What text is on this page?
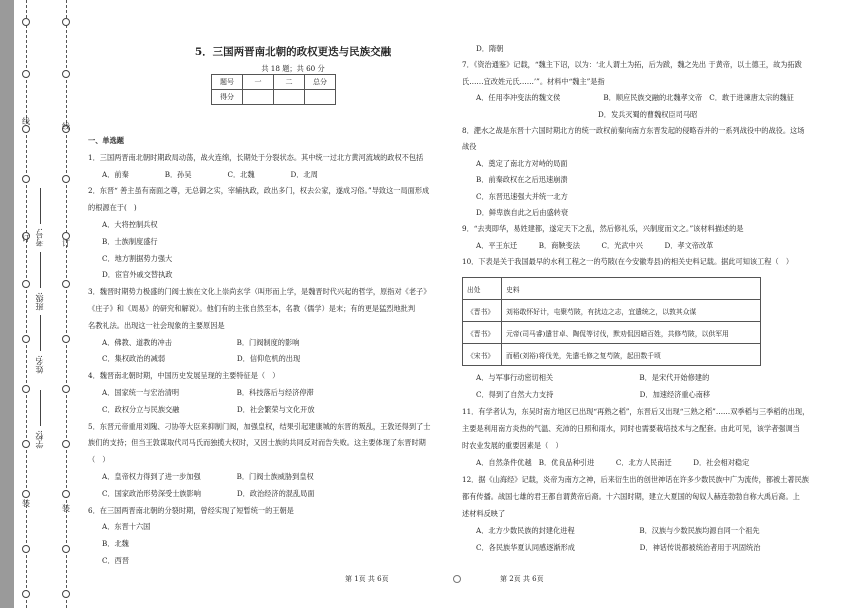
装
订
线
装
订
线
学校:
姓名:
班级:
考号:
5．三国两晋南北朝的政权更迭与民族交融
共 18 题；共 60 分
题号	一	二	总分
得分			
一、单选题
1．三国两晋南北朝时期政局动荡，战火连绵，长期处于分裂状态。其中统一过北方黄河流域的政权不包括
A．前秦　　　　　B．孙吴　　　　　C．北魏　　　　　D．北周
2．东晋“ 善主虽有南面之尊，无总御之实，宰辅执政，政出多门，权去公家，遂成习俗。”导致这一局面形成
的根源在于(　)
A．大将控制兵权
B．士族制度盛行
C．地方割据势力强大
D．宦官外戚交替执政
3．魏晋时期势力极盛的门阀士族在文化上崇尚玄学（叫形而上学，是魏晋时代兴起的哲学，原指对《老子》
《庄子》和《周易》的研究和解说）。他们有的主张自然至本，名教（儒学）是末；有的更是猛烈地批判
名教礼法。出现这一社会现象的主要原因是
A．佛教、道教的冲击　　　　　　　　　B．门阀制度的影响
C．集权政治的减弱　　　　　　　　　　D．信仰危机的出现
4．魏晋南北朝时期，中国历史发展呈现的主要特征是（　）
A．国家统一与宏治清明　　　　　　　　B．科技落后与经济停滞
C．政权分立与民族交融　　　　　　　　D．社会繁荣与文化开放
5．东晋元帝重用刘隗、刁协等大臣来抑制门阀，加强皇权，结果引起建康城的东晋的叛乱，王敦还得到了士
族们的支持；但当王敦谋取代司马氏而独揽大权时，又因士族的共同反对而告失败。这主要体现了东晋时期
（　）
A．皇帝权力得到了进一步加强　　　　　B．门阀士族威胁到皇权
C．国家政治形势深受士族影响　　　　　D．政治经济的混乱局面
6．在三国两晋南北朝的分裂时期，曾经实现了短暂统一的王朝是
A．东晋十六国
B．北魏
C．西晋
D．隋朝
7．《资治通鉴》记载，“魏主下诏，以为：‘北人谓土为拓，后为跋，魏之先出 于黄帝，以土德王，故为拓跋
氏……宜改姓元氏……’”。材料中“魏主”是指
A．任用李冲变法的魏文侯　　　　　　B．顺应民族交融的北魏孝文帝　C．敢于进谏唐太宗的魏征
D．发兵灭蜀的曹魏权臣司马昭
8．淝水之战是东晋十六国时期北方的统一政权前秦向南方东晋发起的侵略吞并的一系列战役中的战役。这场
战役
A．奠定了南北方对峙的局面
B．前秦政权在之后迅速崩溃
C．东晋迅速强大并统一北方
D．鲜卑族自此之后由盛转衰
9．“去夷即华，易姓建都，遂定天下之乱，然后修礼乐，兴制度而文之。”该材料描述的是
A．平王东迁　　　B．商鞅变法　　　C．光武中兴　　　D．孝文帝改革
10．下表是关于我国最早的水利工程之一的芍陂(在今安徽寿县)的相关史料记载。据此可知该工程（　）
A．与军事行动密切相关　　　　　　　　　　　　B．是宋代开始修建的
C．得到了自然大力支持　　　　　　　　　　　　D．加速经济重心南移
11．有学者认为，东吴时南方地区已出现“再熟之稻”，东晋后又出现“三熟之稻”……双季稻与三季稻的出现，
主要是利用南方炎热的气温、充沛的日照和雨水，同时也需要栽培技术与之配套。由此可见，该学者强调当
时农业发展的重要因素是（　）
A．自然条件优越　B．优良品种引进　　　C．北方人民南迁　　　D．社会相对稳定
12．据《山海经》记载，炎帝为南方之神，后来衍生出的创世神话在许多少数民族中广为流传，都被土著民族
都有传播。战国七雄的君王都自谓黄帝后裔。十六国时期，建立大夏国的匈奴人赫连勃勃自称大禹后裔。上
述材料反映了
A．北方少数民族的封建化进程　　　　　　　　　B．汉族与少数民族均源自同一个祖先
C．各民族华夏认同感逐渐形成　　　　　　　　　D．神话传说都被统治者用于巩固统治
出处	史料
《晋书》	刘裕敢怀好计，屯聚芍陂，有扰边之志，宜遣统之，以敦其众谋
《晋书》	元帝(司马睿)遣甘卓、陶侃等讨伐，默劝侃因暗百姓，共修芍陂，以供军用
《宋书》	而稻(刘裕)将伐羌，先遣毛修之复芍陂，起田数千顷
第 1页 共 6页	第 2页 共 6页
